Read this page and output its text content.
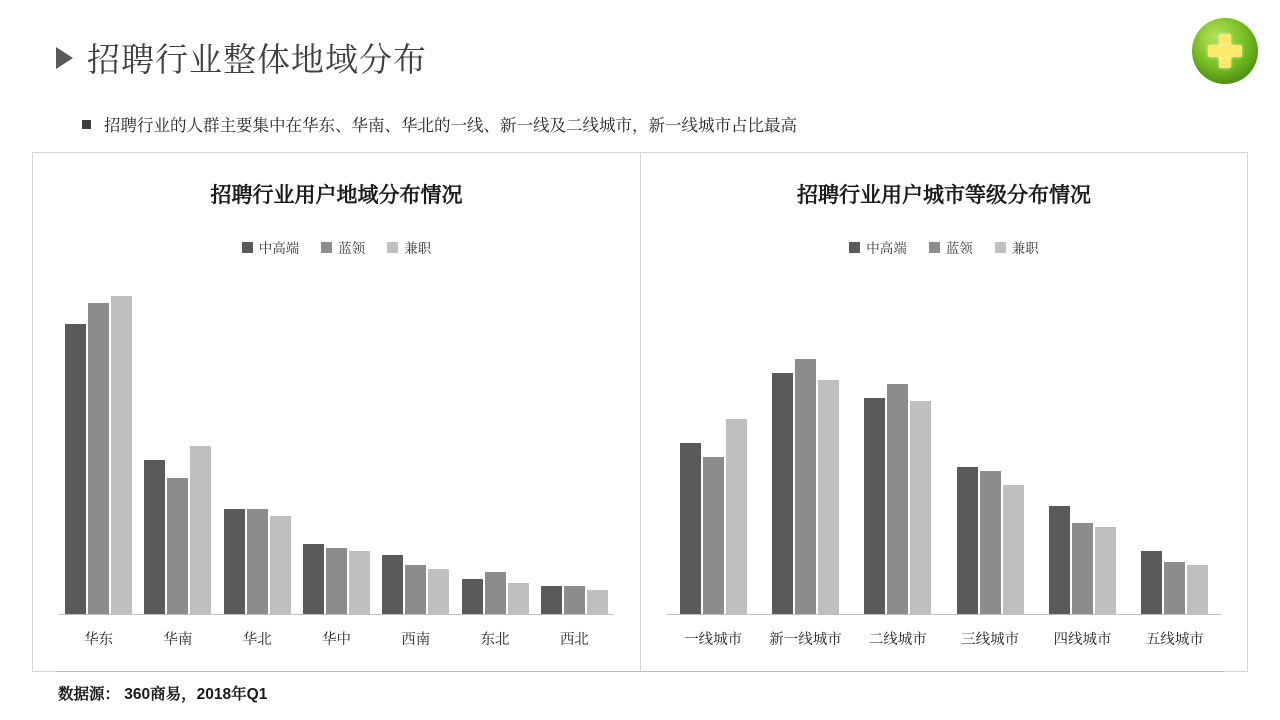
招聘行业整体地域分布
招聘行业的人群主要集中在华东、华南、华北的一线、新一线及二线城市，新一线城市占比最高
招聘行业用户地域分布情况
中高端	蓝领	兼职
华东	华南	华北	华中	西南	东北	西北
招聘行业用户城市等级分布情况
中高端	蓝领	兼职
一线城市	新一线城市	二线城市	三线城市	四线城市	五线城市
数据源： 360商易，2018年Q1
